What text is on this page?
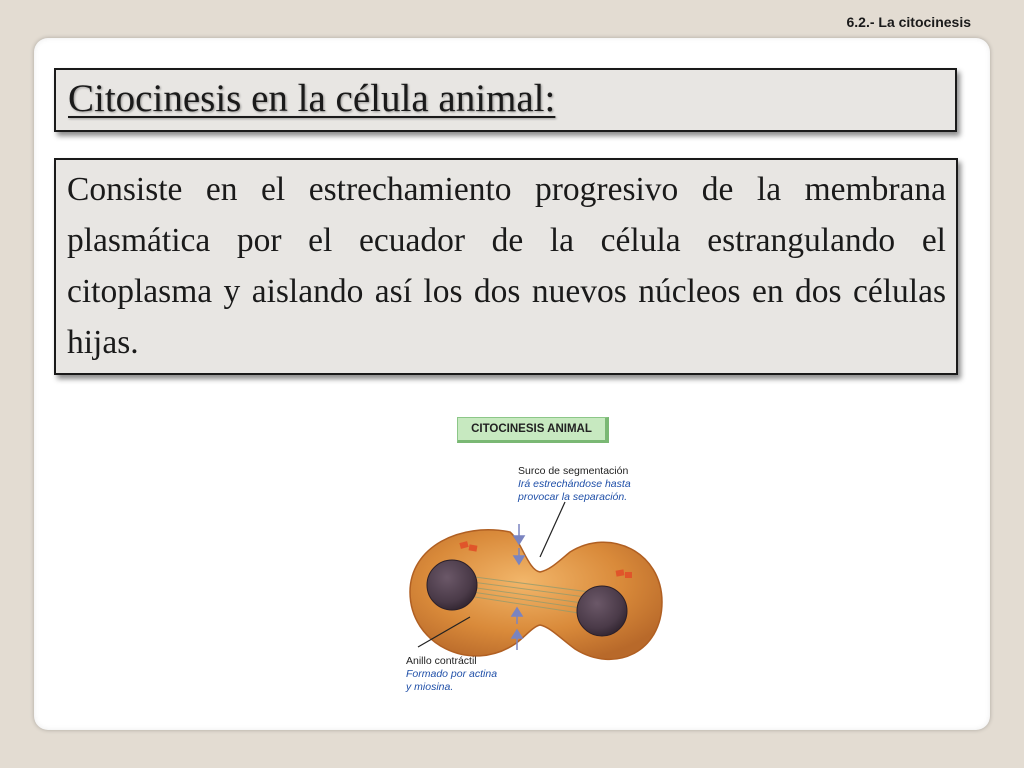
6.2.- La citocinesis
Citocinesis en la célula animal:

Consiste en el estrechamiento progresivo de la membrana plasmática por el ecuador de la célula estrangulando el citoplasma y aislando así los dos nuevos núcleos en dos células hijas.

CITOCINESIS ANIMAL
Surco de segmentación
Irá estrechándose hasta
provocar la separación.
Anillo contráctil
Formado por actina
y miosina.
